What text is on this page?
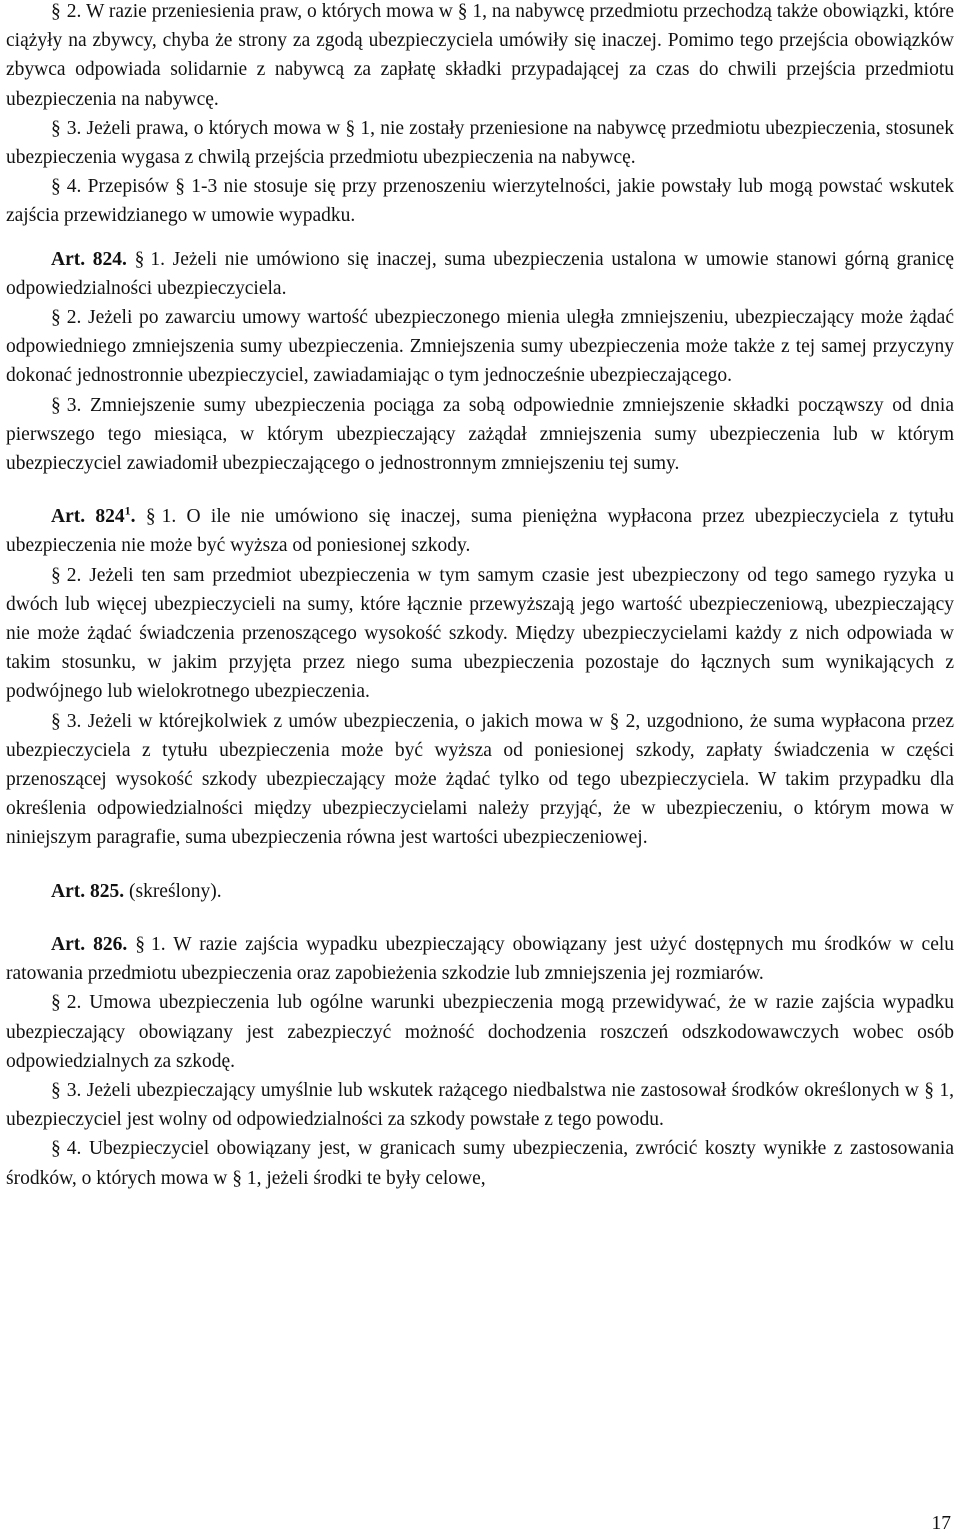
§ 2. W razie przeniesienia praw, o których mowa w § 1, na nabywcę przedmiotu przechodzą także obowiązki, które ciążyły na zbywcy, chyba że strony za zgodą ubezpieczyciela umówiły się inaczej. Pomimo tego przejścia obowiązków zbywca odpowiada solidarnie z nabywcą za zapłatę składki przypadającej za czas do chwili przejścia przedmiotu ubezpieczenia na nabywcę.

§ 3. Jeżeli prawa, o których mowa w § 1, nie zostały przeniesione na nabywcę przedmiotu ubezpieczenia, stosunek ubezpieczenia wygasa z chwilą przejścia przedmiotu ubezpieczenia na nabywcę.

§ 4. Przepisów § 1-3 nie stosuje się przy przenoszeniu wierzytelności, jakie powstały lub mogą powstać wskutek zajścia przewidzianego w umowie wypadku.

Art. 824. § 1. Jeżeli nie umówiono się inaczej, suma ubezpieczenia ustalona w umowie stanowi górną granicę odpowiedzialności ubezpieczyciela.

§ 2. Jeżeli po zawarciu umowy wartość ubezpieczonego mienia uległa zmniejszeniu, ubezpieczający może żądać odpowiedniego zmniejszenia sumy ubezpieczenia. Zmniejszenia sumy ubezpieczenia może także z tej samej przyczyny dokonać jednostronnie ubezpieczyciel, zawiadamiając o tym jednocześnie ubezpieczającego.

§ 3. Zmniejszenie sumy ubezpieczenia pociąga za sobą odpowiednie zmniejszenie składki począwszy od dnia pierwszego tego miesiąca, w którym ubezpieczający zażądał zmniejszenia sumy ubezpieczenia lub w którym ubezpieczyciel zawiadomił ubezpieczającego o jednostronnym zmniejszeniu tej sumy.

Art. $824^1$. § 1. O ile nie umówiono się inaczej, suma pieniężna wypłacona przez ubezpieczyciela z tytułu ubezpieczenia nie może być wyższa od poniesionej szkody.

§ 2. Jeżeli ten sam przedmiot ubezpieczenia w tym samym czasie jest ubezpieczony od tego samego ryzyka u dwóch lub więcej ubezpieczycieli na sumy, które łącznie przewyższają jego wartość ubezpieczeniową, ubezpieczający nie może żądać świadczenia przenoszącego wysokość szkody. Między ubezpieczycielami każdy z nich odpowiada w takim stosunku, w jakim przyjęta przez niego suma ubezpieczenia pozostaje do łącznych sum wynikających z podwójnego lub wielokrotnego ubezpieczenia.

§ 3. Jeżeli w którejkolwiek z umów ubezpieczenia, o jakich mowa w § 2, uzgodniono, że suma wypłacona przez ubezpieczyciela z tytułu ubezpieczenia może być wyższa od poniesionej szkody, zapłaty świadczenia w części przenoszącej wysokość szkody ubezpieczający może żądać tylko od tego ubezpieczyciela. W takim przypadku dla określenia odpowiedzialności między ubezpieczycielami należy przyjąć, że w ubezpieczeniu, o którym mowa w niniejszym paragrafie, suma ubezpieczenia równa jest wartości ubezpieczeniowej.

Art. 825. (skreślony).

Art. 826. § 1. W razie zajścia wypadku ubezpieczający obowiązany jest użyć dostępnych mu środków w celu ratowania przedmiotu ubezpieczenia oraz zapobieżenia szkodzie lub zmniejszenia jej rozmiarów.

§ 2. Umowa ubezpieczenia lub ogólne warunki ubezpieczenia mogą przewidywać, że w razie zajścia wypadku ubezpieczający obowiązany jest zabezpieczyć możność dochodzenia roszczeń odszkodowawczych wobec osób odpowiedzialnych za szkodę.

§ 3. Jeżeli ubezpieczający umyślnie lub wskutek rażącego niedbalstwa nie zastosował środków określonych w § 1, ubezpieczyciel jest wolny od odpowiedzialności za szkody powstałe z tego powodu.

§ 4. Ubezpieczyciel obowiązany jest, w granicach sumy ubezpieczenia, zwrócić koszty wynikłe z zastosowania środków, o których mowa w § 1, jeżeli środki te były celowe,

17
